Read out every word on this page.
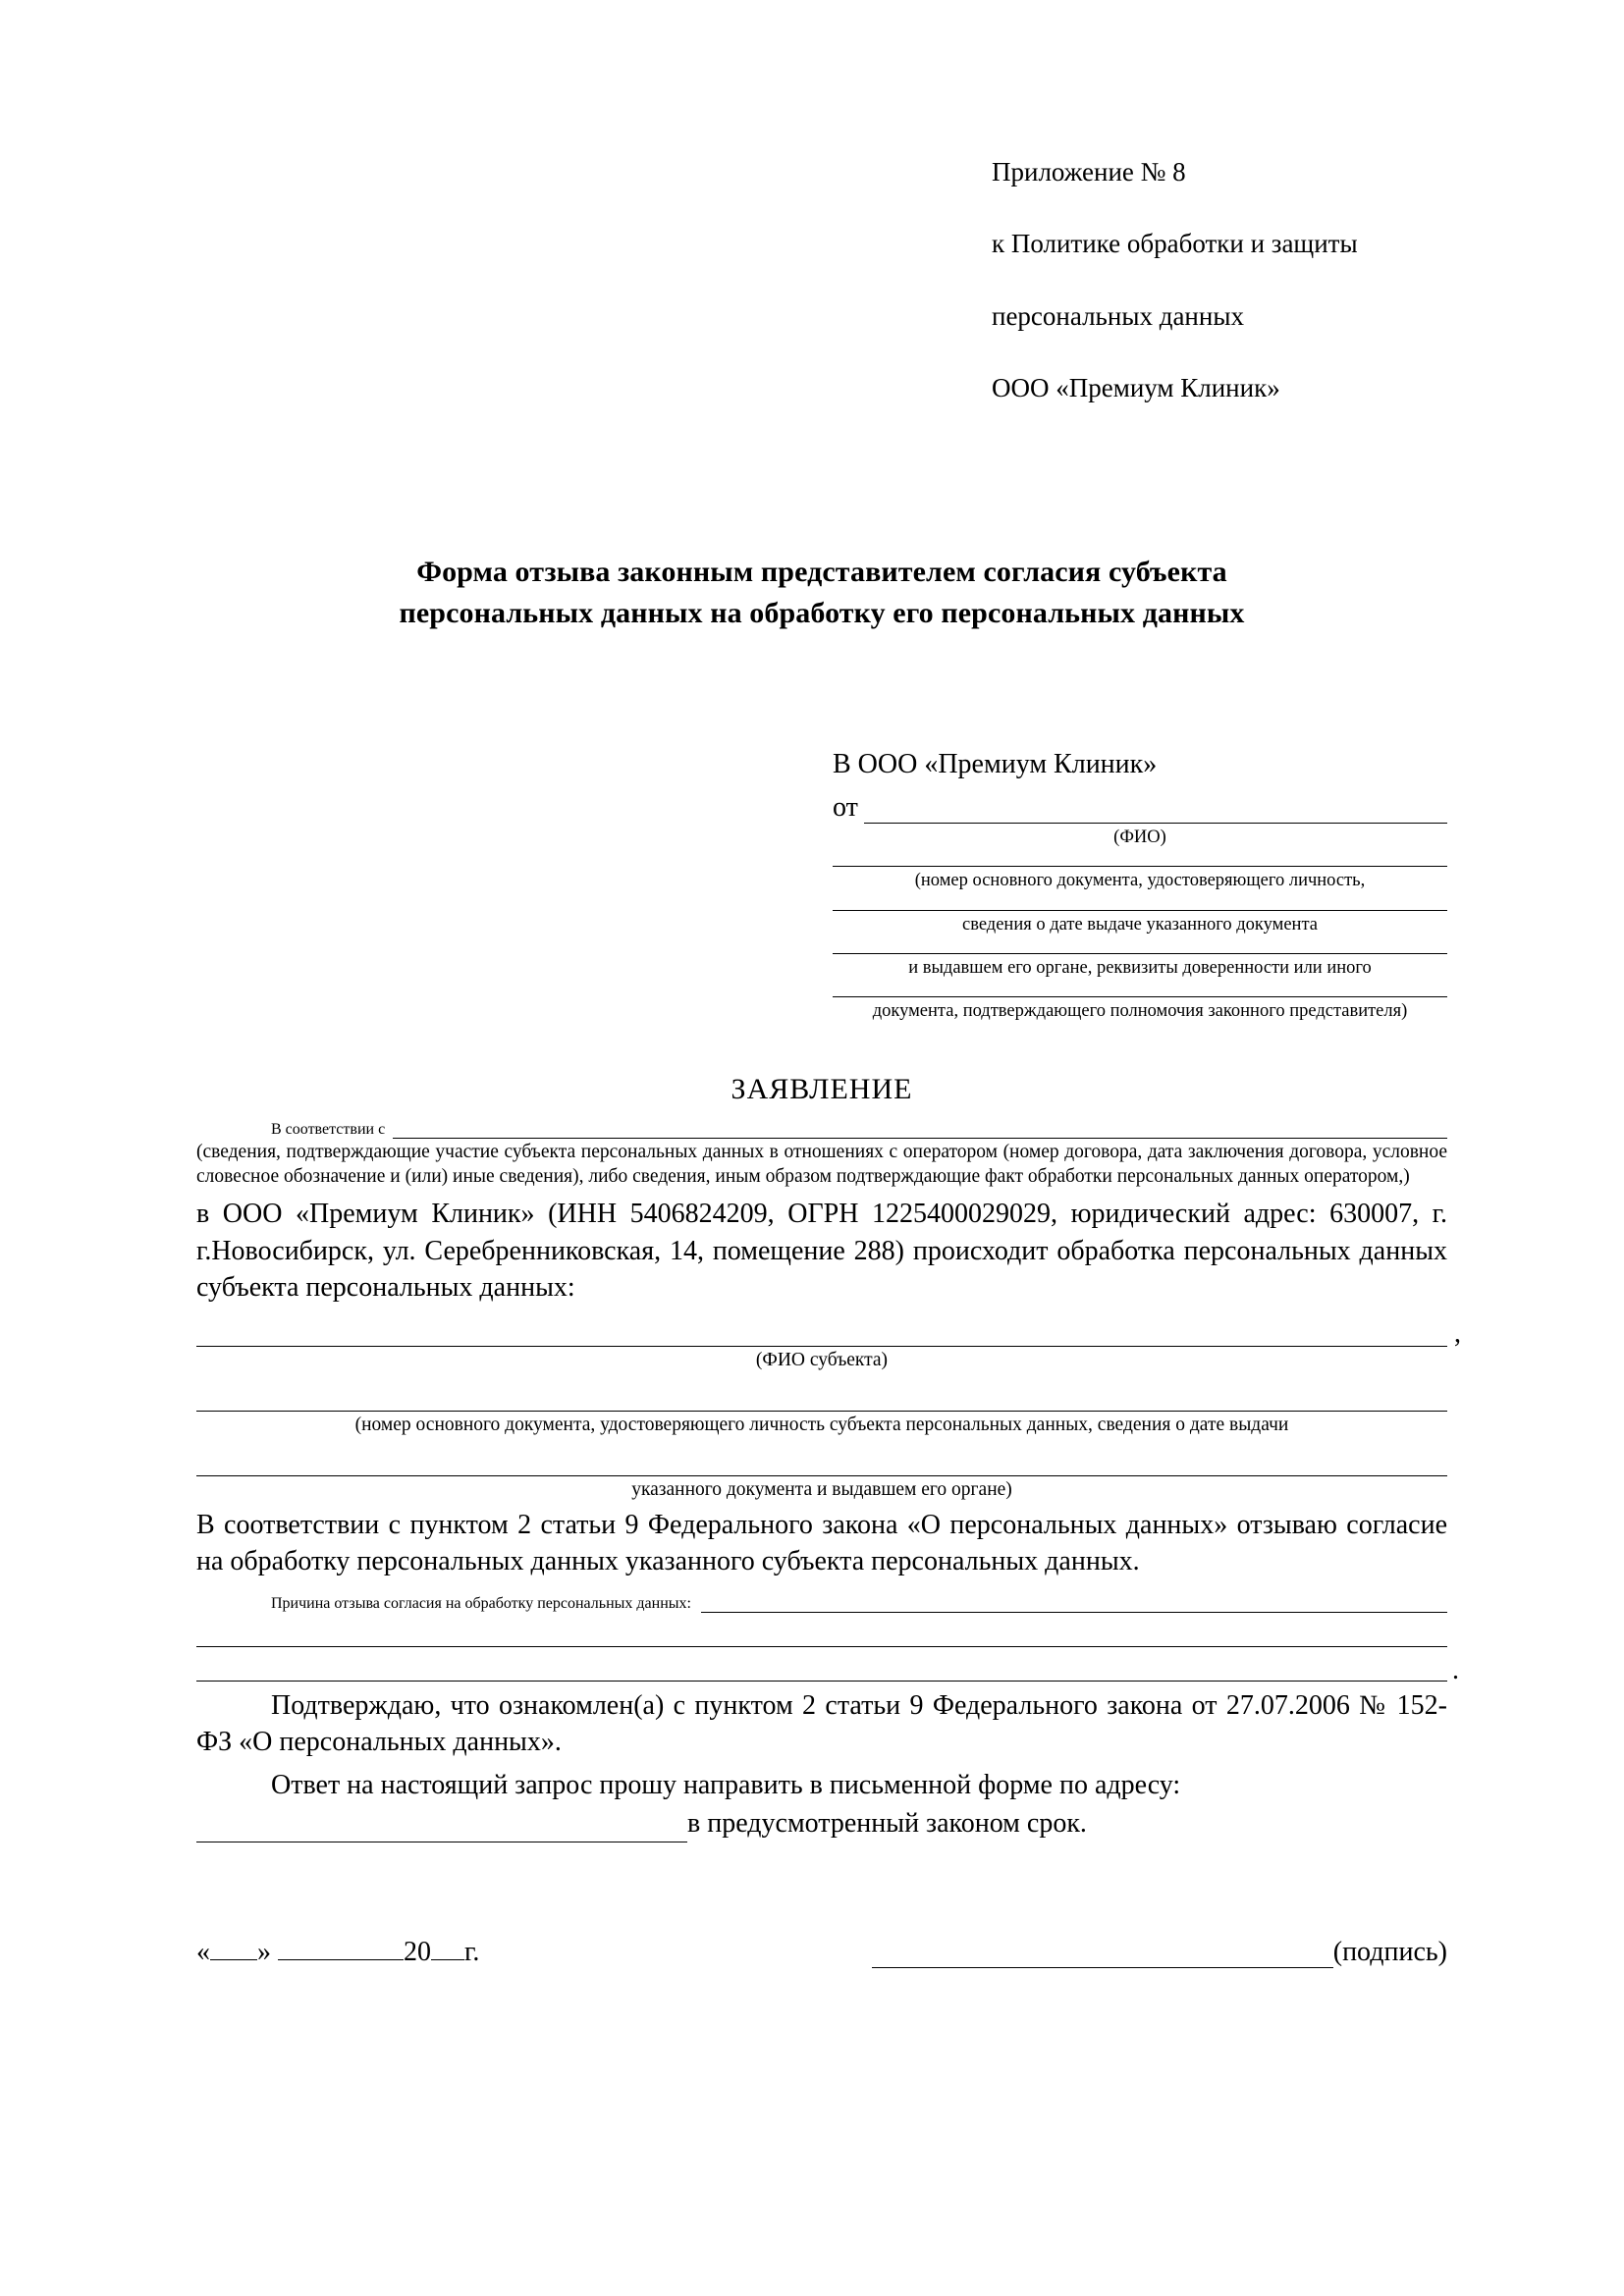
Приложение № 8

к Политике обработки и защиты

персональных данных

ООО «Премиум Клиник»

Форма отзыва законным представителем согласия субъекта
персональных данных на обработку его персональных данных
В ООО «Премиум Клиник»
от
(ФИО)
(номер основного документа, удостоверяющего личность,
сведения о дате выдаче указанного документа
и выдавшем его органе, реквизиты доверенности или иного
документа, подтверждающего полномочия законного представителя)
ЗАЯВЛЕНИЕ
В соответствии с
(сведения, подтверждающие участие субъекта персональных данных в отношениях с оператором (номер договора, дата заключения договора, условное словесное обозначение и (или) иные сведения), либо сведения, иным образом подтверждающие факт обработки персональных данных оператором,)
в ООО «Премиум Клиник» (ИНН 5406824209, ОГРН 1225400029029, юридический адрес: 630007, г. г.Новосибирск, ул. Серебренниковская, 14, помещение 288) происходит обработка персональных данных субъекта персональных данных:
,
(ФИО субъекта)
(номер основного документа, удостоверяющего личность субъекта персональных данных, сведения о дате выдачи
указанного документа и выдавшем его органе)
В соответствии с пунктом 2 статьи 9 Федерального закона «О персональных данных» отзываю согласие на обработку персональных данных указанного субъекта персональных данных.
Причина отзыва согласия на обработку персональных данных:
.
Подтверждаю, что ознакомлен(а) с пунктом 2 статьи 9 Федерального закона от 27.07.2006 № 152-ФЗ «О персональных данных».
Ответ на настоящий запрос прошу направить в письменной форме по адресу:
в предусмотренный законом срок.
« »	20 г.	(подпись)
